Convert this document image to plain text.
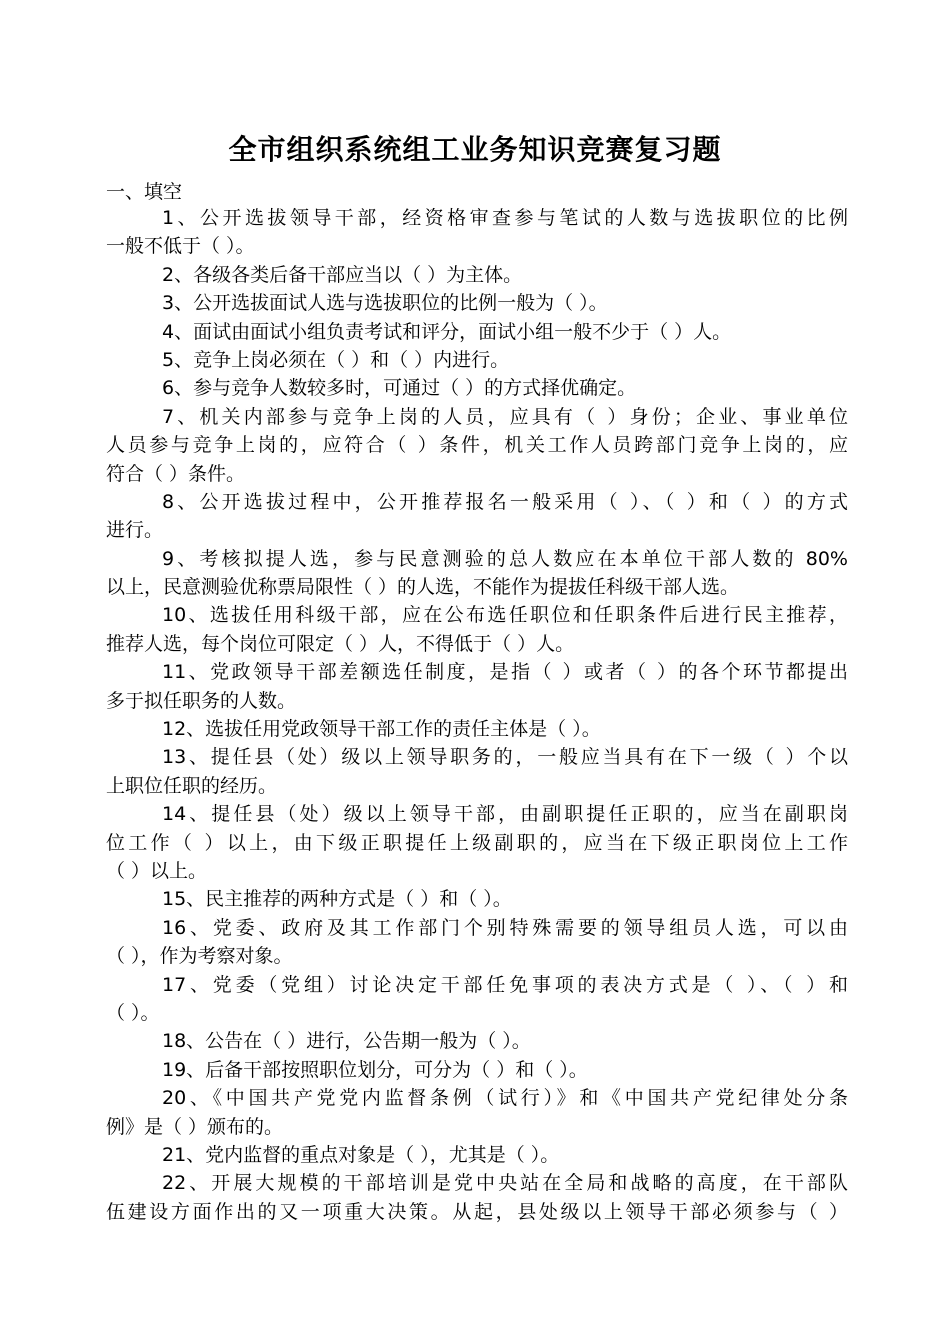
全市组织系统组工业务知识竞赛复习题
一、填空
1、公开选拔领导干部，经资格审查参与笔试的人数与选拔职位的比例
一般不低于（ ）。
2、各级各类后备干部应当以（ ）为主体。
3、公开选拔面试人选与选拔职位的比例一般为（ ）。
4、面试由面试小组负责考试和评分，面试小组一般不少于（ ）人。
5、竞争上岗必须在（ ）和（ ）内进行。
6、参与竞争人数较多时，可通过（ ）的方式择优确定。
7、机关内部参与竞争上岗的人员，应具有（ ）身份；企业、事业单位
人员参与竞争上岗的，应符合（ ）条件，机关工作人员跨部门竞争上岗的，应
符合（ ）条件。
8、公开选拔过程中，公开推荐报名一般采用（ ）、（ ）和（ ）的方式
进行。
9、考核拟提人选，参与民意测验的总人数应在本单位干部人数的 80%
以上，民意测验优称票局限性（ ）的人选，不能作为提拔任科级干部人选。
10、选拔任用科级干部，应在公布选任职位和任职条件后进行民主推荐，
推荐人选，每个岗位可限定（ ）人，不得低于（ ）人。
11、党政领导干部差额选任制度，是指（ ）或者（ ）的各个环节都提出
多于拟任职务的人数。
12、选拔任用党政领导干部工作的责任主体是（ ）。
13、提任县（处）级以上领导职务的，一般应当具有在下一级（ ）个以
上职位任职的经历。
14、提任县（处）级以上领导干部，由副职提任正职的，应当在副职岗
位工作（ ）以上，由下级正职提任上级副职的，应当在下级正职岗位上工作
（ ）以上。
15、民主推荐的两种方式是（ ）和（ ）。
16、党委、政府及其工作部门个别特殊需要的领导组员人选，可以由
（ ），作为考察对象。
17、党委（党组）讨论决定干部任免事项的表决方式是（ ）、（ ）和
（ ）。
18、公告在（ ）进行，公告期一般为（ ）。
19、后备干部按照职位划分，可分为（ ）和（ ）。
20、《中国共产党党内监督条例（试行）》和《中国共产党纪律处分条
例》是（ ）颁布的。
21、党内监督的重点对象是（ ），尤其是（ ）。
22、开展大规模的干部培训是党中央站在全局和战略的高度，在干部队
伍建设方面作出的又一项重大决策。从起，县处级以上领导干部必须参与（ ）
